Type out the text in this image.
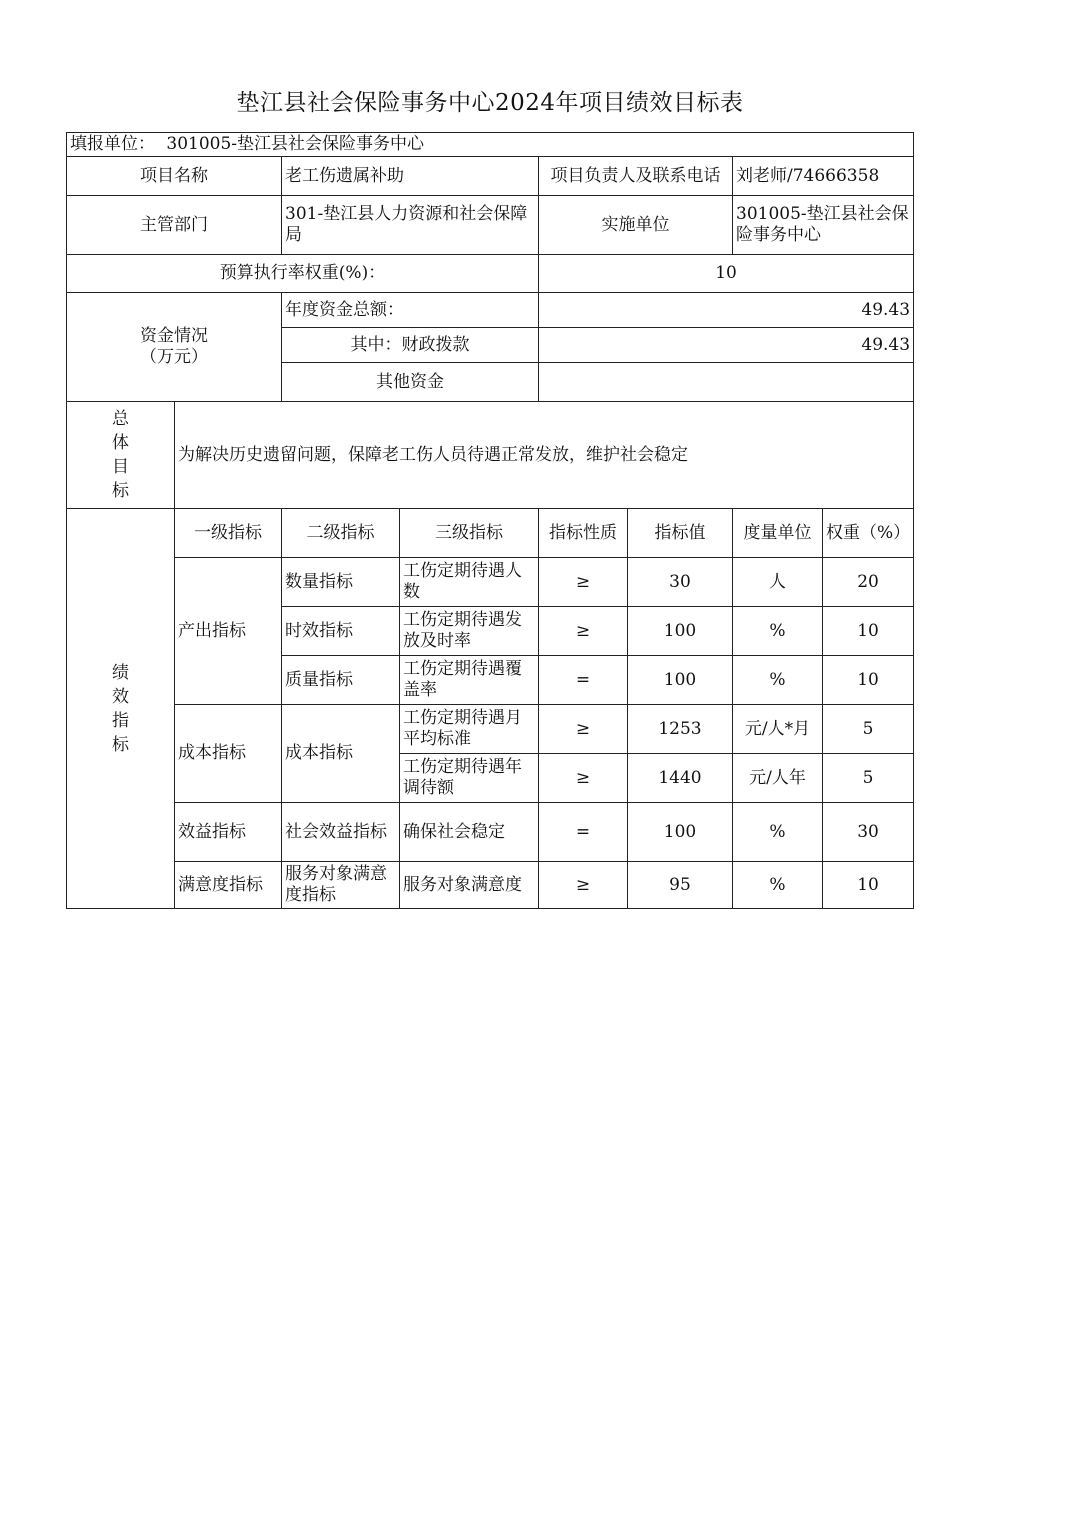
垫江县社会保险事务中心2024年项目绩效目标表
填报单位： 301005-垫江县社会保险事务中心							
项目名称		老工伤遗属补助		项目负责人及联系电话		刘老师/74666358	
主管部门		301-垫江县人力资源和社会保障局		实施单位		301005-垫江县社会保险事务中心	
预算执行率权重(%)：				10			

资金情况
（万元）		年度资金总额：		49.43			
		其中：财政拨款		49.43			
		其他资金					
总体目标	为解决历史遗留问题，保障老工伤人员待遇正常发放，维护社会稳定						
绩效指标	一级指标	二级指标	三级指标	指标性质	指标值	度量单位	权重（%）
	产出指标	数量指标	工伤定期待遇人数	≥	30	人	20
		时效指标	工伤定期待遇发放及时率	≥	100	%	10
		质量指标	工伤定期待遇覆盖率	=	100	%	10
	成本指标	成本指标	工伤定期待遇月平均标准	≥	1253	元/人*月	5
			工伤定期待遇年调待额	≥	1440	元/人年	5
	效益指标	社会效益指标	确保社会稳定	=	100	%	30
	满意度指标	服务对象满意度指标	服务对象满意度	≥	95	%	10
